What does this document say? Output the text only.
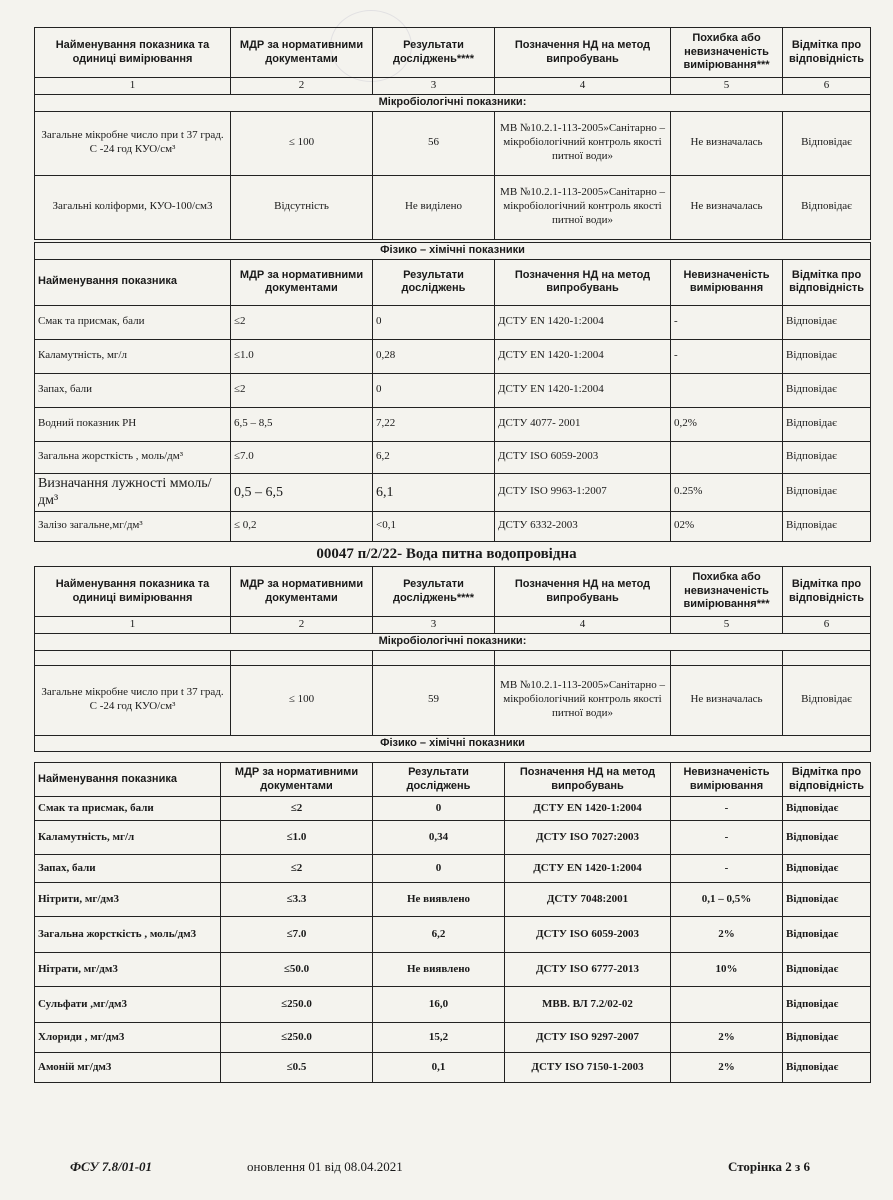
Найменування показника та одиниці вимірювання	МДР за нормативними документами	Результати досліджень****	Позначення НД на метод випробувань	Похибка або невизначеність вимірювання***	Відмітка про відповідність
1	2	3	4	5	6
Мікробіологічні показники:					
Загальне мікробне число при t 37 град. С -24 год КУО/см³	≤ 100	56	МВ №10.2.1-113-2005»Санітарно – мікробіологічний контроль якості питної води»	Не визначалась	Відповідає
Загальні коліформи, КУО-100/см3	Відсутність	Не виділено	МВ №10.2.1-113-2005»Санітарно – мікробіологічний контроль якості питної води»	Не визначалась	Відповідає
Фізико – хімічні показники					
Найменування показника	МДР за нормативними документами	Результати досліджень	Позначення НД на метод випробувань	Невизначеність вимірювання	Відмітка про відповідність
Смак та присмак, бали	≤2	0	ДСТУ EN 1420-1:2004	-	Відповідає
Каламутність, мг/л	≤1.0	0,28	ДСТУ EN 1420-1:2004	-	Відповідає
Запах, бали	≤2	0	ДСТУ EN 1420-1:2004		Відповідає
Водний показник РН	6,5 – 8,5	7,22	ДСТУ 4077- 2001	0,2%	Відповідає
Загальна жорсткість , моль/дм³	≤7.0	6,2	ДСТУ ISO 6059-2003		Відповідає
Визначання лужності ммоль/дм³	0,5 – 6,5	6,1	ДСТУ ISO 9963-1:2007	0.25%	Відповідає
Залізо загальне,мг/дм³	≤ 0,2	<0,1	ДСТУ 6332-2003	02%	Відповідає
00047 п/2/22- Вода питна водопровідна
Найменування показника та одиниці вимірювання	МДР за нормативними документами	Результати досліджень****	Позначення НД на метод випробувань	Похибка або невизначеність вимірювання***	Відмітка про відповідність
1	2	3	4	5	6
Мікробіологічні показники:					

Загальне мікробне число при t 37 град. С -24 год КУО/см³	≤ 100	59	МВ №10.2.1-113-2005»Санітарно – мікробіологічний контроль якості питної води»	Не визначалась	Відповідає
Фізико – хімічні показники					
Найменування показника	МДР за нормативними документами	Результати досліджень	Позначення НД на метод випробувань	Невизначеність вимірювання	Відмітка про відповідність
Смак та присмак, бали	≤2	0	ДСТУ EN 1420-1:2004	-	Відповідає
Каламутність, мг/л	≤1.0	0,34	ДСТУ ISO 7027:2003	-	Відповідає
Запах, бали	≤2	0	ДСТУ EN 1420-1:2004	-	Відповідає
Нітрити, мг/дм3	≤3.3	Не виявлено	ДСТУ 7048:2001	0,1 – 0,5%	Відповідає
Загальна жорсткість , моль/дм3	≤7.0	6,2	ДСТУ ISO 6059-2003	2%	Відповідає
Нітрати, мг/дм3	≤50.0	Не виявлено	ДСТУ ISO 6777-2013	10%	Відповідає
Сульфати ,мг/дм3	≤250.0	16,0	МВВ. ВЛ 7.2/02-02		Відповідає
Хлориди , мг/дм3	≤250.0	15,2	ДСТУ ISO 9297-2007	2%	Відповідає
Амоній мг/дм3	≤0.5	0,1	ДСТУ ISO 7150-1-2003	2%	Відповідає
ФСУ 7.8/01-01	оновлення 01 від 08.04.2021	Сторінка 2 з 6
